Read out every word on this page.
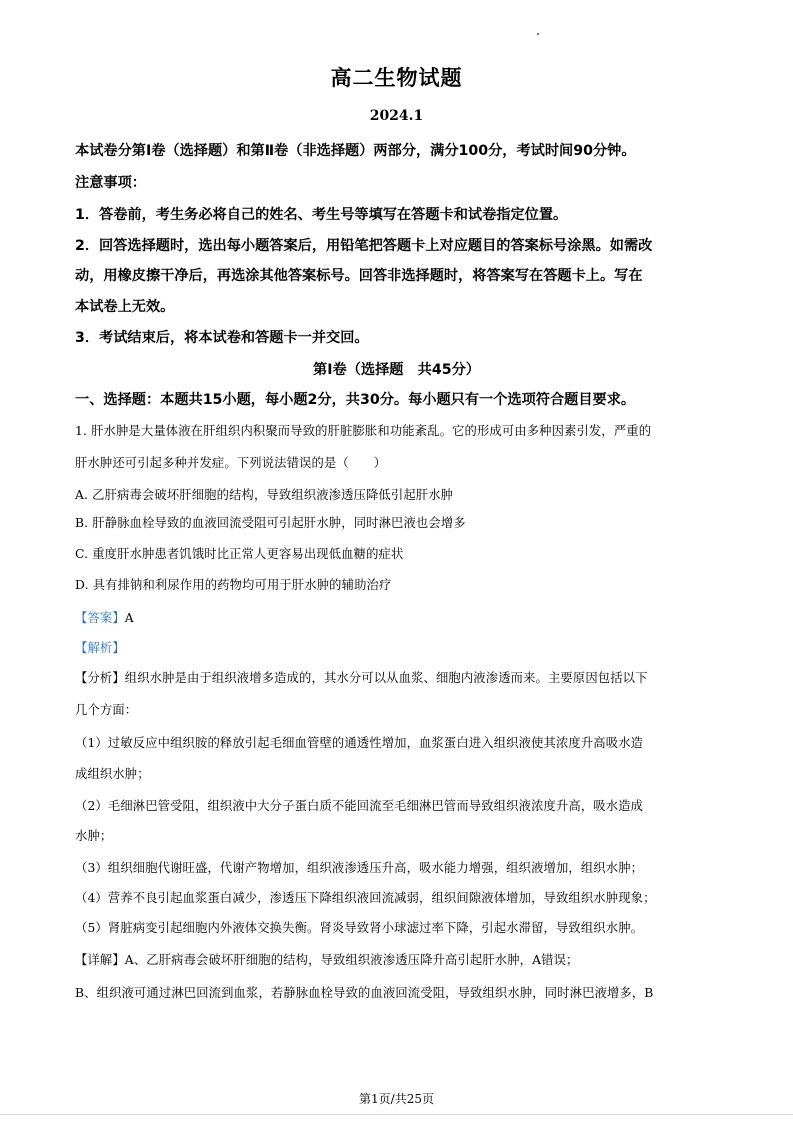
高二生物试题
2024.1
本试卷分第Ⅰ卷（选择题）和第Ⅱ卷（非选择题）两部分，满分100分，考试时间90分钟。
注意事项：
1．答卷前，考生务必将自己的姓名、考生号等填写在答题卡和试卷指定位置。
2．回答选择题时，选出每小题答案后，用铅笔把答题卡上对应题目的答案标号涂黑。如需改
动，用橡皮擦干净后，再选涂其他答案标号。回答非选择题时，将答案写在答题卡上。写在
本试卷上无效。
3．考试结束后，将本试卷和答题卡一并交回。
第Ⅰ卷（选择题　共45分）
一、选择题：本题共15小题，每小题2分，共30分。每小题只有一个选项符合题目要求。
1. 肝水肿是大量体液在肝组织内积聚而导致的肝脏膨胀和功能紊乱。它的形成可由多种因素引发，严重的
肝水肿还可引起多种并发症。下列说法错误的是（　　）
A. 乙肝病毒会破坏肝细胞的结构，导致组织液渗透压降低引起肝水肿
B. 肝静脉血栓导致的血液回流受阻可引起肝水肿，同时淋巴液也会增多
C. 重度肝水肿患者饥饿时比正常人更容易出现低血糖的症状
D. 具有排钠和利尿作用的药物均可用于肝水肿的辅助治疗
【答案】A
【解析】
【分析】组织水肿是由于组织液增多造成的，其水分可以从血浆、细胞内液渗透而来。主要原因包括以下
几个方面：
（1）过敏反应中组织胺的释放引起毛细血管壁的通透性增加，血浆蛋白进入组织液使其浓度升高吸水造
成组织水肿；
（2）毛细淋巴管受阻，组织液中大分子蛋白质不能回流至毛细淋巴管而导致组织液浓度升高，吸水造成
水肿；
（3）组织细胞代谢旺盛，代谢产物增加，组织液渗透压升高，吸水能力增强，组织液增加，组织水肿；
（4）营养不良引起血浆蛋白减少，渗透压下降组织液回流减弱，组织间隙液体增加，导致组织水肿现象；
（5）肾脏病变引起细胞内外液体交换失衡。肾炎导致肾小球滤过率下降，引起水滞留，导致组织水肿。
【详解】A、乙肝病毒会破坏肝细胞的结构，导致组织液渗透压降升高引起肝水肿，A错误；
B、组织液可通过淋巴回流到血浆，若静脉血栓导致的血液回流受阻，导致组织水肿，同时淋巴液增多，B
第1页/共25页
